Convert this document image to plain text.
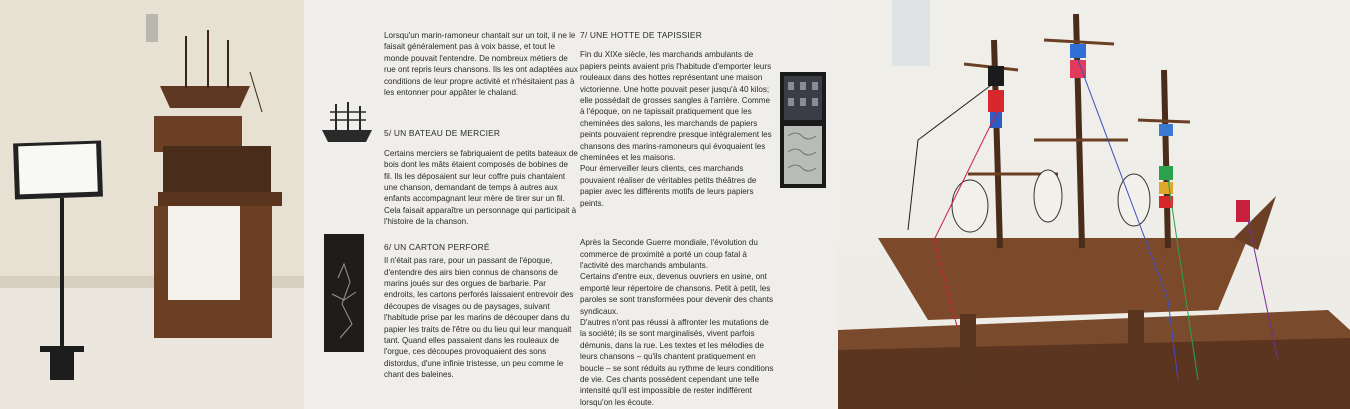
Lorsqu'un marin-ramoneur chantait sur un toit, il ne le faisait généralement pas à voix basse, et tout le monde pouvait l'entendre. De nombreux métiers de rue ont repris leurs chansons. Ils les ont adaptées aux conditions de leur propre activité et n'hésitaient pas à les entonner pour appâter le chaland.

5/ UN BATEAU DE MERCIER

Certains merciers se fabriquaient de petits bateaux de bois dont les mâts étaient composés de bobines de fil. Ils les déposaient sur leur coffre puis chantaient une chanson, demandant de temps à autres aux enfants accompagnant leur mère de tirer sur un fil. Cela faisait apparaître un personnage qui participait à l'histoire de la chanson.

6/ UN CARTON PERFORÉ

Il n'était pas rare, pour un passant de l'époque, d'entendre des airs bien connus de chansons de marins joués sur des orgues de barbarie. Par endroits, les cartons perforés laissaient entrevoir des découpes de visages ou de paysages, suivant l'habitude prise par les marins de découper dans du papier les traits de l'être ou du lieu qui leur manquait tant. Quand elles passaient dans les rouleaux de l'orgue, ces découpes provoquaient des sons distordus, d'une infinie tristesse, un peu comme le chant des baleines.

7/ UNE HOTTE DE TAPISSIER

Fin du XIXe siècle, les marchands ambulants de papiers peints avaient pris l'habitude d'emporter leurs rouleaux dans des hottes représentant une maison victorienne. Une hotte pouvait peser jusqu'à 40 kilos; elle possédait de grosses sangles à l'arrière. Comme à l'époque, on ne tapissait pratiquement que les cheminées des salons, les marchands de papiers peints pouvaient reprendre presque intégralement les chansons des marins-ramoneurs qui évoquaient les cheminées et les maisons.

Pour émerveiller leurs clients, ces marchands pouvaient réaliser de véritables petits théâtres de papier avec les différents motifs de leurs papiers peints.

Après la Seconde Guerre mondiale, l'évolution du commerce de proximité a porté un coup fatal à l'activité des marchands ambulants.

Certains d'entre eux, devenus ouvriers en usine, ont emporté leur répertoire de chansons. Petit à petit, les paroles se sont transformées pour devenir des chants syndicaux.

D'autres n'ont pas réussi à affronter les mutations de la société; ils se sont marginalisés, vivent parfois démunis, dans la rue. Les textes et les mélodies de leurs chansons – qu'ils chantent pratiquement en boucle – se sont réduits au rythme de leurs conditions de vie. Ces chants possèdent cependant une telle intensité qu'il est impossible de rester indifférent lorsqu'on les écoute.
